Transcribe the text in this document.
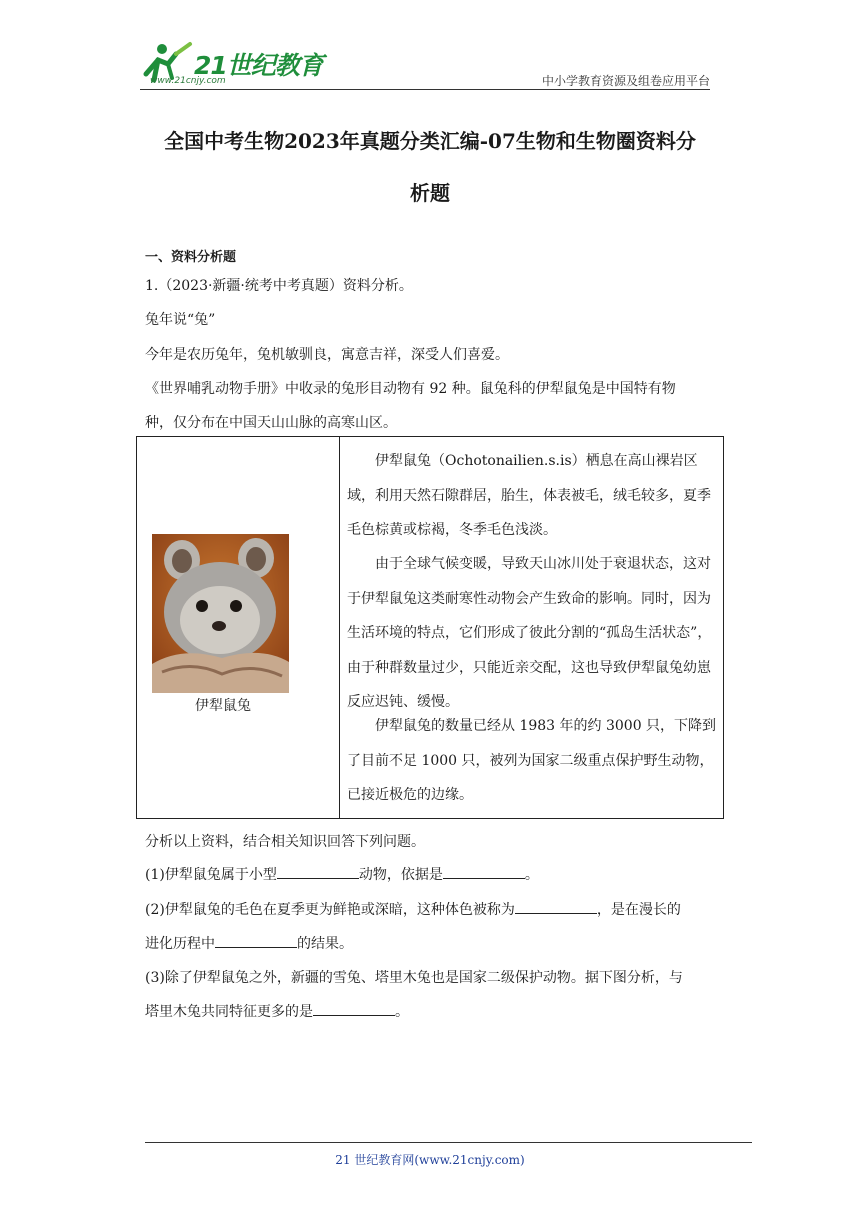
21世纪教育
www.21cnjy.com	中小学教育资源及组卷应用平台
全国中考生物2023年真题分类汇编-07生物和生物圈资料分
析题
一、资料分析题
1.（2023·新疆·统考中考真题）资料分析。
兔年说“兔”
今年是农历兔年，兔机敏驯良，寓意吉祥，深受人们喜爱。
《世界哺乳动物手册》中收录的兔形目动物有 92 种。鼠兔科的伊犁鼠兔是中国特有物
种，仅分布在中国天山山脉的高寒山区。
伊犁鼠兔
伊犁鼠兔（Ochotonailien.s.is）栖息在高山裸岩区域，利用天然石隙群居，胎生，体表被毛，绒毛较多，夏季毛色棕黄或棕褐，冬季毛色浅淡。
由于全球气候变暖，导致天山冰川处于衰退状态，这对于伊犁鼠兔这类耐寒性动物会产生致命的影响。同时，因为生活环境的特点，它们形成了彼此分割的“孤岛生活状态”，由于种群数量过少，只能近亲交配，这也导致伊犁鼠兔幼崽反应迟钝、缓慢。
伊犁鼠兔的数量已经从 1983 年的约 3000 只，下降到了目前不足 1000 只，被列为国家二级重点保护野生动物，已接近极危的边缘。
分析以上资料，结合相关知识回答下列问题。
(1)伊犁鼠兔属于小型	动物，依据是	。
(2)伊犁鼠兔的毛色在夏季更为鲜艳或深暗，这种体色被称为	，是在漫长的
进化历程中	的结果。
(3)除了伊犁鼠兔之外，新疆的雪兔、塔里木兔也是国家二级保护动物。据下图分析，与
塔里木兔共同特征更多的是	。
21 世纪教育网(www.21cnjy.com)
